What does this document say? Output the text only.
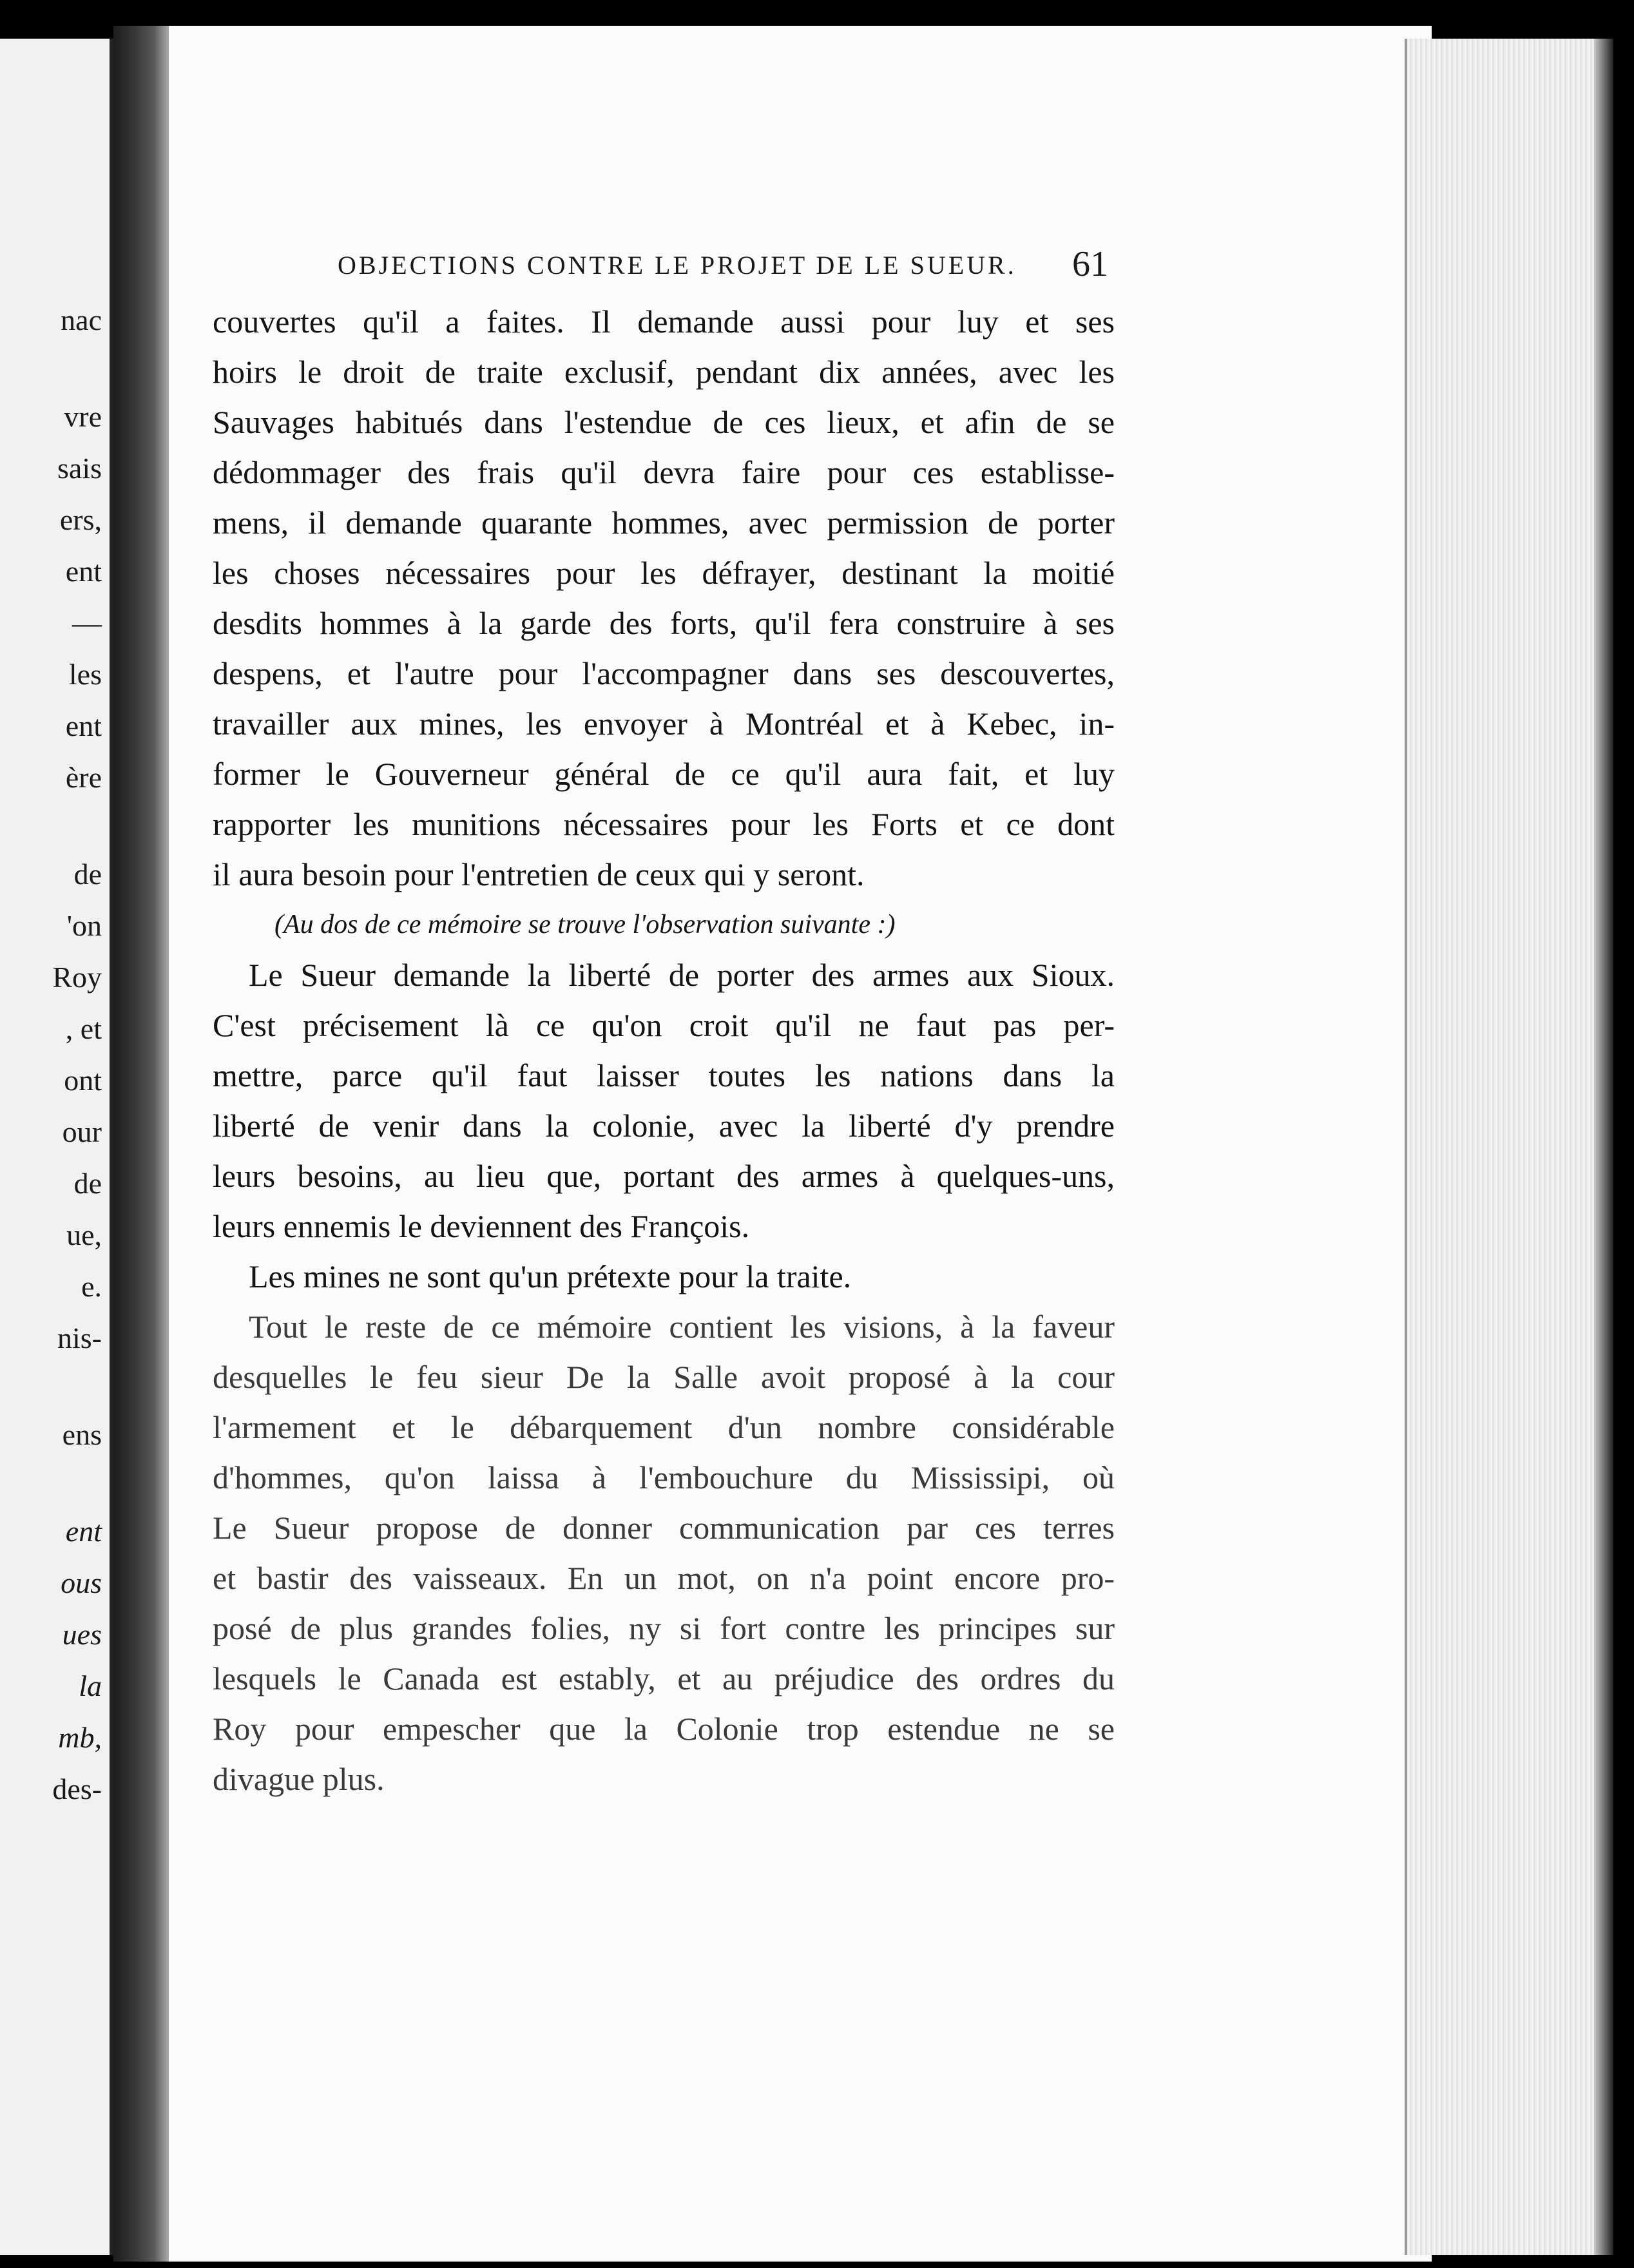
nac
vre
sais
ers,
ent
—
les
ent
ère
de
'on
Roy
, et
ont
our
de
ue,
e.
nis-
ens
ent
ous
ues
la
mb,
des-
OBJECTIONS CONTRE LE PROJET DE LE SUEUR.	61
couvertes qu'il a faites. Il demande aussi pour luy et ses
hoirs le droit de traite exclusif, pendant dix années, avec les
Sauvages habitués dans l'estendue de ces lieux, et afin de se
dédommager des frais qu'il devra faire pour ces establisse-
mens, il demande quarante hommes, avec permission de porter
les choses nécessaires pour les défrayer, destinant la moitié
desdits hommes à la garde des forts, qu'il fera construire à ses
despens, et l'autre pour l'accompagner dans ses descouvertes,
travailler aux mines, les envoyer à Montréal et à Kebec, in-
former le Gouverneur général de ce qu'il aura fait, et luy
rapporter les munitions nécessaires pour les Forts et ce dont
il aura besoin pour l'entretien de ceux qui y seront.
(Au dos de ce mémoire se trouve l'observation suivante :)
Le Sueur demande la liberté de porter des armes aux Sioux.
C'est précisement là ce qu'on croit qu'il ne faut pas per-
mettre, parce qu'il faut laisser toutes les nations dans la
liberté de venir dans la colonie, avec la liberté d'y prendre
leurs besoins, au lieu que, portant des armes à quelques-uns,
leurs ennemis le deviennent des François.
Les mines ne sont qu'un prétexte pour la traite.
Tout le reste de ce mémoire contient les visions, à la faveur
desquelles le feu sieur De la Salle avoit proposé à la cour
l'armement et le débarquement d'un nombre considérable
d'hommes, qu'on laissa à l'embouchure du Mississipi, où
Le Sueur propose de donner communication par ces terres
et bastir des vaisseaux. En un mot, on n'a point encore pro-
posé de plus grandes folies, ny si fort contre les principes sur
lesquels le Canada est estably, et au préjudice des ordres du
Roy pour empescher que la Colonie trop estendue ne se
divague plus.
